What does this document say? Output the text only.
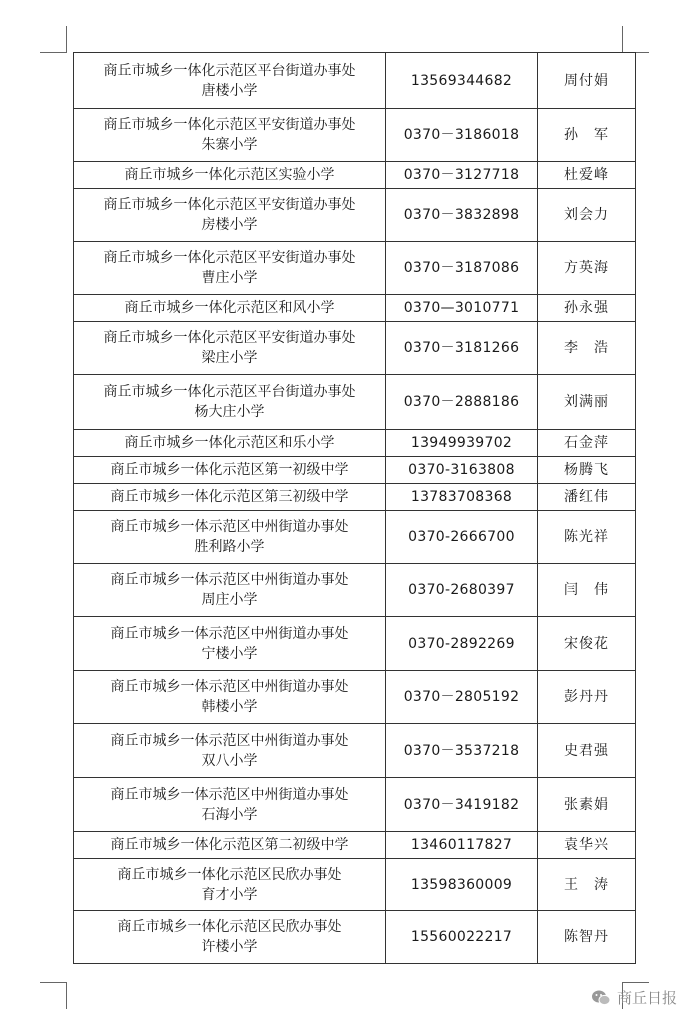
商丘市城乡一体化示范区平台街道办事处
唐楼小学	13569344682	周付娟

商丘市城乡一体化示范区平安街道办事处
朱寨小学	0370－3186018	孙　军

商丘市城乡一体化示范区实验小学	0370－3127718	杜爱峰

商丘市城乡一体化示范区平安街道办事处
房楼小学	0370－3832898	刘会力

商丘市城乡一体化示范区平安街道办事处
曹庄小学	0370－3187086	方英海

商丘市城乡一体化示范区和风小学	0370—3010771	孙永强

商丘市城乡一体化示范区平安街道办事处
梁庄小学	0370－3181266	李　浩

商丘市城乡一体化示范区平台街道办事处
杨大庄小学	0370－2888186	刘满丽

商丘市城乡一体化示范区和乐小学	13949939702	石金萍

商丘市城乡一体化示范区第一初级中学	0370-3163808	杨腾飞

商丘市城乡一体化示范区第三初级中学	13783708368	潘红伟

商丘市城乡一体示范区中州街道办事处
胜利路小学	0370-2666700	陈光祥

商丘市城乡一体示范区中州街道办事处
周庄小学	0370-2680397	闫　伟

商丘市城乡一体示范区中州街道办事处
宁楼小学	0370-2892269	宋俊花

商丘市城乡一体示范区中州街道办事处
韩楼小学	0370－2805192	彭丹丹

商丘市城乡一体示范区中州街道办事处
双八小学	0370－3537218	史君强

商丘市城乡一体示范区中州街道办事处
石海小学	0370－3419182	张素娟

商丘市城乡一体化示范区第二初级中学	13460117827	袁华兴

商丘市城乡一体化示范区民欣办事处
育才小学	13598360009	王　涛

商丘市城乡一体化示范区民欣办事处
许楼小学	15560022217	陈智丹
商丘日报
